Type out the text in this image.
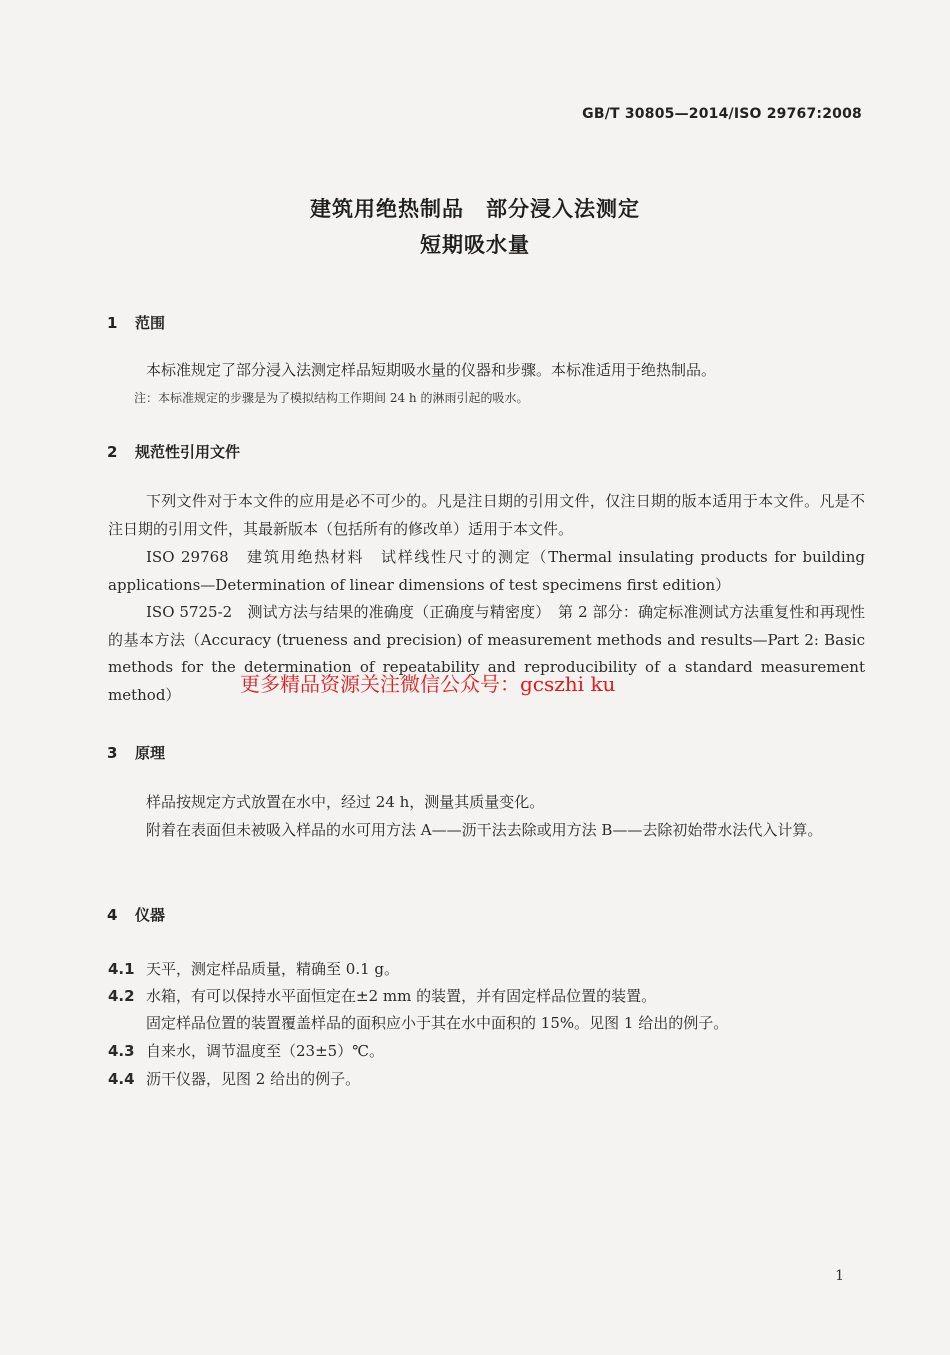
GB/T 30805—2014/ISO 29767:2008
建筑用绝热制品　部分浸入法测定
短期吸水量
1 范围

本标准规定了部分浸入法测定样品短期吸水量的仪器和步骤。本标准适用于绝热制品。

注：本标准规定的步骤是为了模拟结构工作期间 24 h 的淋雨引起的吸水。
2 规范性引用文件

下列文件对于本文件的应用是必不可少的。凡是注日期的引用文件，仅注日期的版本适用于本文件。凡是不注日期的引用文件，其最新版本（包括所有的修改单）适用于本文件。

ISO 29768　建筑用绝热材料　试样线性尺寸的测定（Thermal insulating products for building applications—Determination of linear dimensions of test specimens first edition）

ISO 5725-2　测试方法与结果的准确度（正确度与精密度）　第 2 部分：确定标准测试方法重复性和再现性的基本方法（Accuracy (trueness and precision) of measurement methods and results—Part 2: Basic methods for the determination of repeatability and reproducibility of a standard measurement method）	更多精品资源关注微信公众号：gcszhi ku
3 原理

样品按规定方式放置在水中，经过 24 h，测量其质量变化。

附着在表面但未被吸入样品的水可用方法 A——沥干法去除或用方法 B——去除初始带水法代入计算。

4 仪器
4.1 天平，测定样品质量，精确至 0.1 g。
4.2 水箱，有可以保持水平面恒定在±2 mm 的装置，并有固定样品位置的装置。
固定样品位置的装置覆盖样品的面积应小于其在水中面积的 15%。见图 1 给出的例子。
4.3 自来水，调节温度至（23±5）℃。
4.4 沥干仪器，见图 2 给出的例子。
1
